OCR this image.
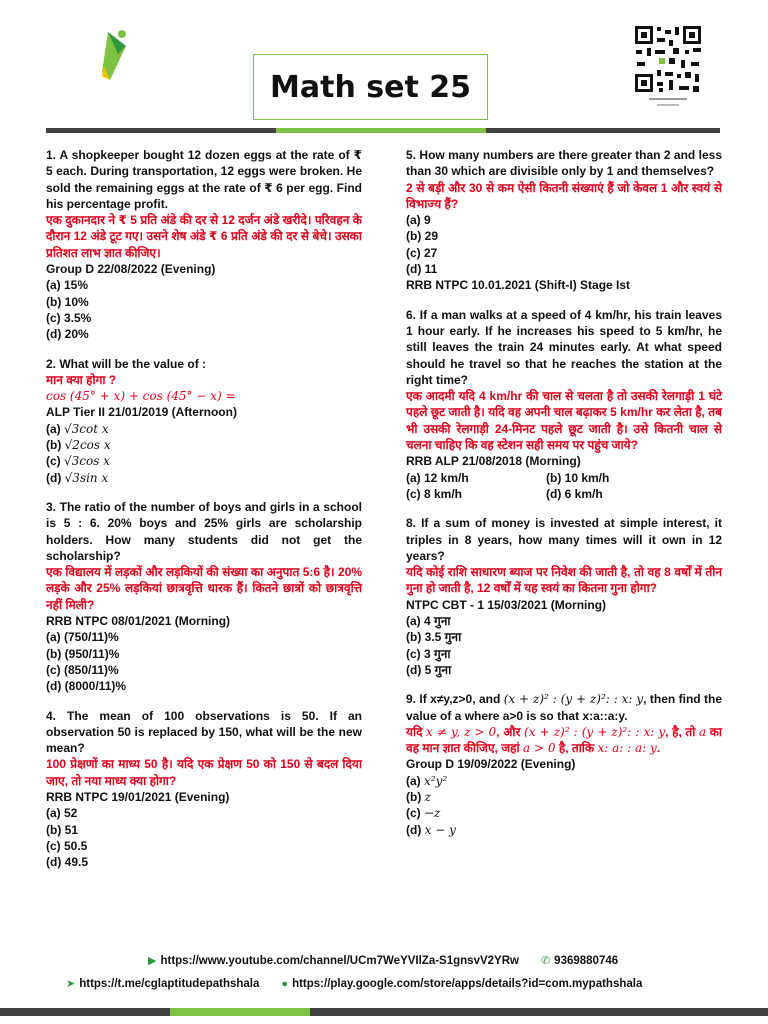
Math set 25
1. A shopkeeper bought 12 dozen eggs at the rate of ₹ 5 each. During transportation, 12 eggs were broken. He sold the remaining eggs at the rate of ₹ 6 per egg. Find his percentage profit.
एक दुकानदार ने ₹ 5 प्रति अंडे की दर से 12 दर्जन अंडे खरीदे। परिवहन के दौरान 12 अंडे टूट गए। उसने शेष अंडे ₹ 6 प्रति अंडे की दर से बेचे। उसका प्रतिशत लाभ ज्ञात कीजिए।
Group D 22/08/2022 (Evening)
(a) 15%
(b) 10%
(c) 3.5%
(d) 20%
2. What will be the value of :
मान क्या होगा ?
cos (45° + x) + cos (45° − x) =
ALP Tier II 21/01/2019 (Afternoon)
(a) √3cot x
(b) √2cos x
(c) √3cos x
(d) √3sin x
3. The ratio of the number of boys and girls in a school is 5 : 6. 20% boys and 25% girls are scholarship holders. How many students did not get the scholarship?
एक विद्यालय में लड़कों और लड़कियों की संख्या का अनुपात 5:6 है। 20% लड़के और 25% लड़कियां छात्रवृत्ति धारक हैं। कितने छात्रों को छात्रवृत्ति नहीं मिली?
RRB NTPC 08/01/2021 (Morning)
(a) (750/11)%
(b) (950/11)%
(c) (850/11)%
(d) (8000/11)%
4. The mean of 100 observations is 50. If an observation 50 is replaced by 150, what will be the new mean?
100 प्रेक्षणों का माध्य 50 है। यदि एक प्रेक्षण 50 को 150 से बदल दिया जाए, तो नया माध्य क्या होगा?
RRB NTPC 19/01/2021 (Evening)
(a) 52
(b) 51
(c) 50.5
(d) 49.5
5. How many numbers are there greater than 2 and less than 30 which are divisible only by 1 and themselves?
2 से बड़ी और 30 से कम ऐसी कितनी संख्याएं हैं जो केवल 1 और स्वयं से विभाज्य हैं?
(a) 9
(b) 29
(c) 27
(d) 11
RRB NTPC 10.01.2021 (Shift-I) Stage Ist
6. If a man walks at a speed of 4 km/hr, his train leaves 1 hour early. If he increases his speed to 5 km/hr, he still leaves the train 24 minutes early. At what speed should he travel so that he reaches the station at the right time?
एक आदमी यदि 4 km/hr की चाल से चलता है तो उसकी रेलगाड़ी 1 घंटे पहले छूट जाती है। यदि वह अपनी चाल बढ़ाकर 5 km/hr कर लेता है, तब भी उसकी रेलगाड़ी 24-मिनट पहले छूट जाती है। उसे कितनी चाल से चलना चाहिए कि वह स्टेशन सही समय पर पहुंच जाये?
RRB ALP 21/08/2018 (Morning)
(a) 12 km/h	(b) 10 km/h
(c) 8 km/h	(d) 6 km/h
8. If a sum of money is invested at simple interest, it triples in 8 years, how many times will it own in 12 years?
यदि कोई राशि साधारण ब्याज पर निवेश की जाती है, तो वह 8 वर्षों में तीन गुना हो जाती है, 12 वर्षों में यह स्वयं का कितना गुना होगा?
NTPC CBT - 1 15/03/2021 (Morning)
(a) 4 गुना
(b) 3.5 गुना
(c) 3 गुना
(d) 5 गुना
9. If x≠y,z>0, and (x + z)² : (y + z)²: : x: y, then find the value of a where a>0 is so that x:a::a:y.
यदि x ≠ y, z > 0, और (x + z)² : (y + z)²: : x: y, है, तो a का वह मान ज्ञात कीजिए, जहां a > 0 है, ताकि x: a: : a: y.
Group D 19/09/2022 (Evening)
(a) x²y²
(b) z
(c) −z
(d) x − y
▶ https://www.youtube.com/channel/UCm7WeYVIlZa-S1gnsvV2YRw ✆ 9369880746
➤ https://t.me/cglaptitudepathshala ● https://play.google.com/store/apps/details?id=com.mypathshala
